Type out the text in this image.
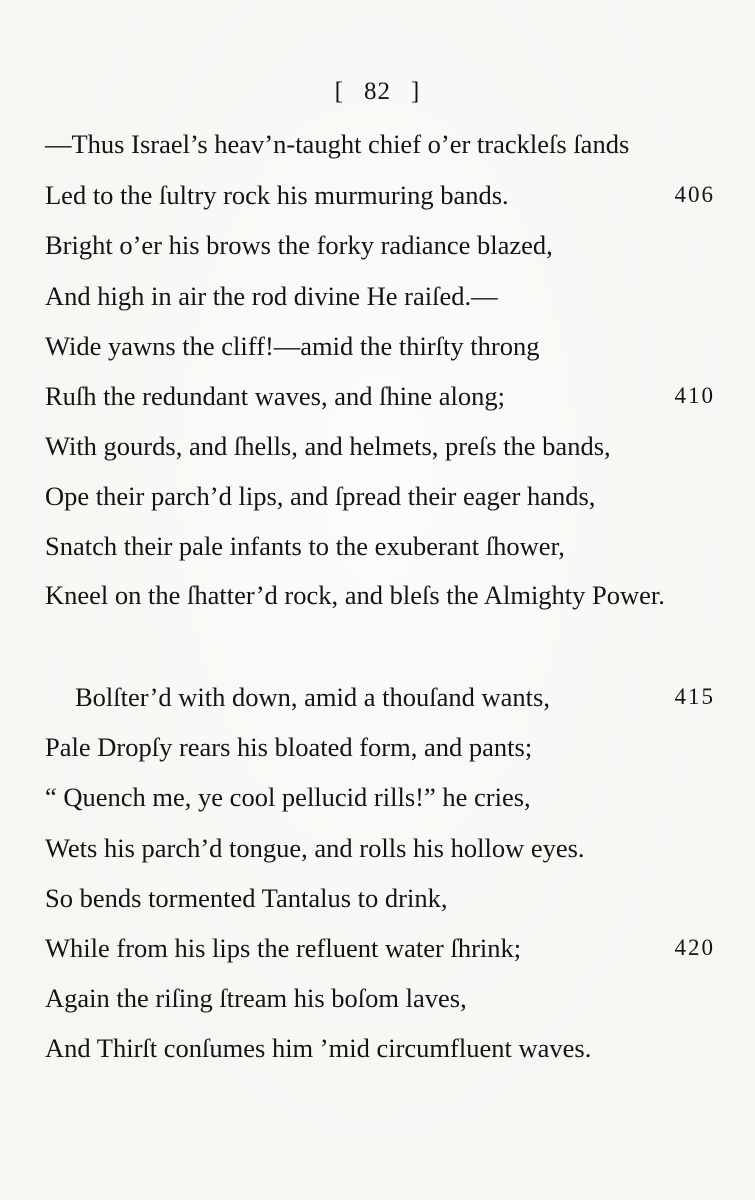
[ 82 ]
—Thus Israel’s heav’n-taught chief o’er trackleſs ſands
Led to the ſultry rock his murmuring bands.	406
Bright o’er his brows the forky radiance blazed,
And high in air the rod divine He raiſed.—
Wide yawns the cliff!—amid the thirſty throng
Ruſh the redundant waves, and ſhine along;	410
With gourds, and ſhells, and helmets, preſs the bands,
Ope their parch’d lips, and ſpread their eager hands,
Snatch their pale infants to the exuberant ſhower,
Kneel on the ſhatter’d rock, and bleſs the Almighty Power.
Bolſter’d with down, amid a thouſand wants,	415
Pale Dropſy rears his bloated form, and pants;
“ Quench me, ye cool pellucid rills!” he cries,
Wets his parch’d tongue, and rolls his hollow eyes.
So bends tormented Tantalus to drink,
While from his lips the refluent water ſhrink;	420
Again the riſing ſtream his boſom laves,
And Thirſt conſumes him ’mid circumfluent waves.
